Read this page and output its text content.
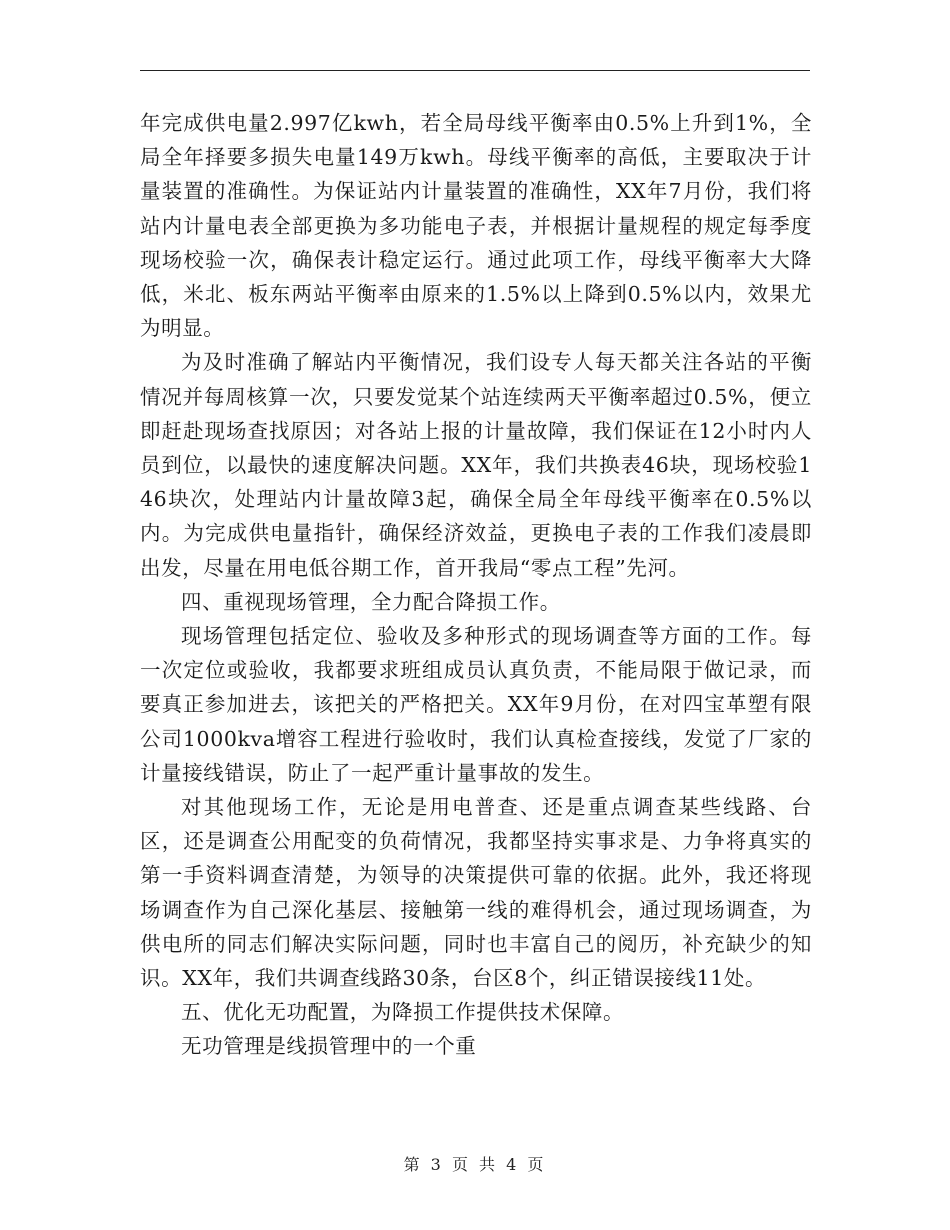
年完成供电量2.997亿kwh，若全局母线平衡率由0.5%上升到1%，全局全年择要多损失电量149万kwh。母线平衡率的高低，主要取决于计量装置的准确性。为保证站内计量装置的准确性，XX年7月份，我们将站内计量电表全部更换为多功能电子表，并根据计量规程的规定每季度现场校验一次，确保表计稳定运行。通过此项工作，母线平衡率大大降低，米北、板东两站平衡率由原来的1.5%以上降到0.5%以内，效果尤为明显。

为及时准确了解站内平衡情况，我们设专人每天都关注各站的平衡情况并每周核算一次，只要发觉某个站连续两天平衡率超过0.5%，便立即赶赴现场查找原因；对各站上报的计量故障，我们保证在12小时内人员到位，以最快的速度解决问题。XX年，我们共换表46块，现场校验146块次，处理站内计量故障3起，确保全局全年母线平衡率在0.5%以内。为完成供电量指针，确保经济效益，更换电子表的工作我们凌晨即出发，尽量在用电低谷期工作，首开我局“零点工程”先河。

四、重视现场管理，全力配合降损工作。

现场管理包括定位、验收及多种形式的现场调查等方面的工作。每一次定位或验收，我都要求班组成员认真负责，不能局限于做记录，而要真正参加进去，该把关的严格把关。XX年9月份，在对四宝革塑有限公司1000kva增容工程进行验收时，我们认真检查接线，发觉了厂家的计量接线错误，防止了一起严重计量事故的发生。

对其他现场工作，无论是用电普查、还是重点调查某些线路、台区，还是调查公用配变的负荷情况，我都坚持实事求是、力争将真实的第一手资料调查清楚，为领导的决策提供可靠的依据。此外，我还将现场调查作为自己深化基层、接触第一线的难得机会，通过现场调查，为供电所的同志们解决实际问题，同时也丰富自己的阅历，补充缺少的知识。XX年，我们共调查线路30条，台区8个，纠正错误接线11处。

五、优化无功配置，为降损工作提供技术保障。

无功管理是线损管理中的一个重

第 3 页 共 4 页
